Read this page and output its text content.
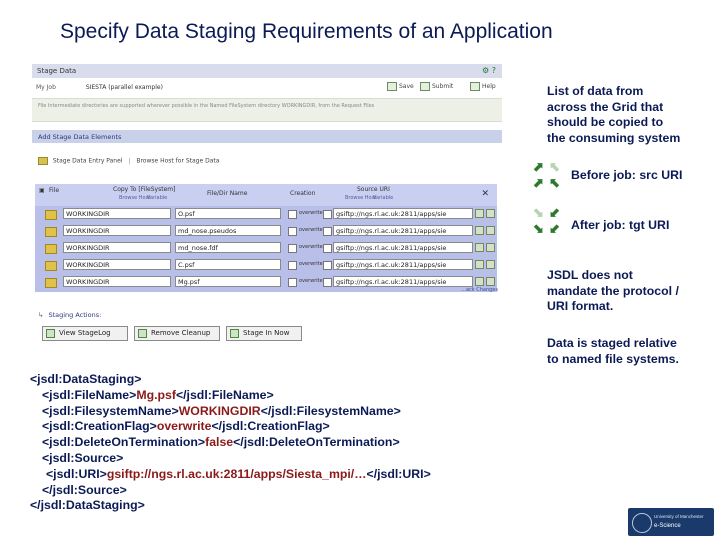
Specify Data Staging Requirements of an Application
Stage Data	⚙ ?
My Job	SIESTA (parallel example)	Save	Submit	Help
File Intermediate directories are supported wherever possible in the Named FileSystem directory WORKINGDIR, from the Request Files
Add Stage Data Elements
Stage Data Entry Panel | Browse Host for Stage Data
▣ File	Copy To [FileSystem]
Browse Host
Variable
File/Dir Name	Creation
Source URI
Browse Host
Variable	✕
WORKINGDIR	O.psf	overwrite	gsiftp://ngs.rl.ac.uk:2811/apps/sie
WORKINGDIR	md_nose.pseudos	overwrite	gsiftp://ngs.rl.ac.uk:2811/apps/sie
WORKINGDIR	md_nose.fdf	overwrite	gsiftp://ngs.rl.ac.uk:2811/apps/sie
WORKINGDIR	C.psf	overwrite	gsiftp://ngs.rl.ac.uk:2811/apps/sie
WORKINGDIR	Mg.psf	overwrite	gsiftp://ngs.rl.ac.uk:2811/apps/sie
...ack Changes
↳ Staging Actions:
View StageLog	Remove Cleanup	Stage In Now
List of data from
across the Grid that
should be copied to
the consuming system
⬈ ⬉
⬈ ⬉ Before job: src URI
⬊ ⬋
⬊ ⬋ After job: tgt URI
JSDL does not
mandate the protocol /
URI format.
Data is staged relative
to named file systems.
<jsdl:DataStaging>
<jsdl:FileName>Mg.psf</jsdl:FileName>
<jsdl:FilesystemName>WORKINGDIR</jsdl:FilesystemName>
<jsdl:CreationFlag>overwrite</jsdl:CreationFlag>
<jsdl:DeleteOnTermination>false</jsdl:DeleteOnTermination>
<jsdl:Source>
<jsdl:URI>gsiftp://ngs.rl.ac.uk:2811/apps/Siesta_mpi/…</jsdl:URI>
</jsdl:Source>
</jsdl:DataStaging>
University of Manchester
e-Science
